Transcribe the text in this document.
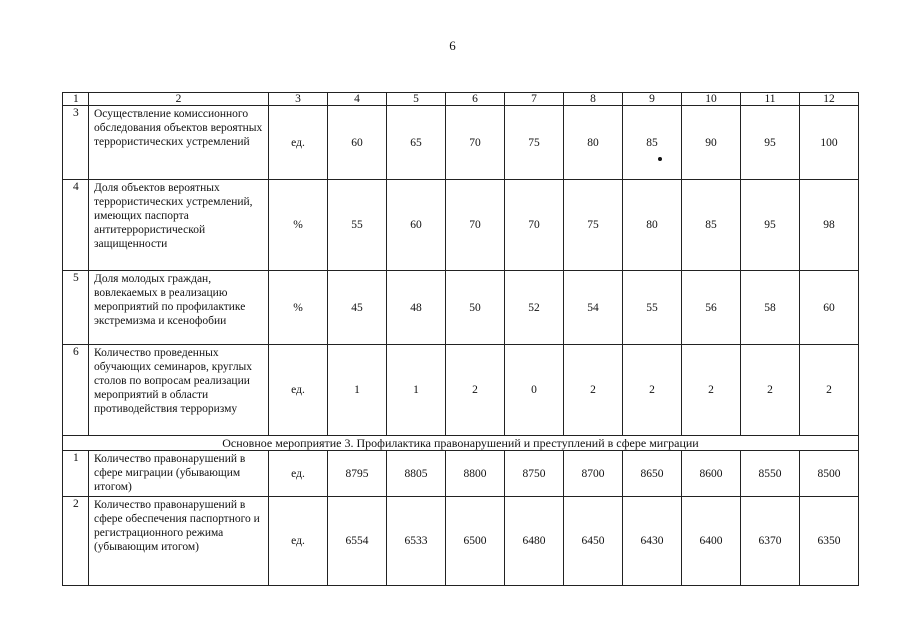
6
1	2	3	4	5	6	7	8	9	10	11	12
3	Осуществление комиссионного обследования объектов вероятных террористических устремлений	ед.	60	65	70	75	80	85	90	95	100
4	Доля объектов вероятных террористических устремлений, имеющих паспорта антитеррористической защищенности	%	55	60	70	70	75	80	85	95	98
5	Доля молодых граждан, вовлекаемых в реализацию мероприятий по профилактике экстремизма и ксенофобии	%	45	48	50	52	54	55	56	58	60
6	Количество проведенных обучающих семинаров, круглых столов по вопросам реализации мероприятий в области противодействия терроризму	ед.	1	1	2	0	2	2	2	2	2
Основное мероприятие 3. Профилактика правонарушений и преступлений в сфере миграции											
1	Количество правонарушений в сфере миграции (убывающим итогом)	ед.	8795	8805	8800	8750	8700	8650	8600	8550	8500
2	Количество правонарушений в сфере обеспечения паспортного и регистрационного режима (убывающим итогом)	ед.	6554	6533	6500	6480	6450	6430	6400	6370	6350
